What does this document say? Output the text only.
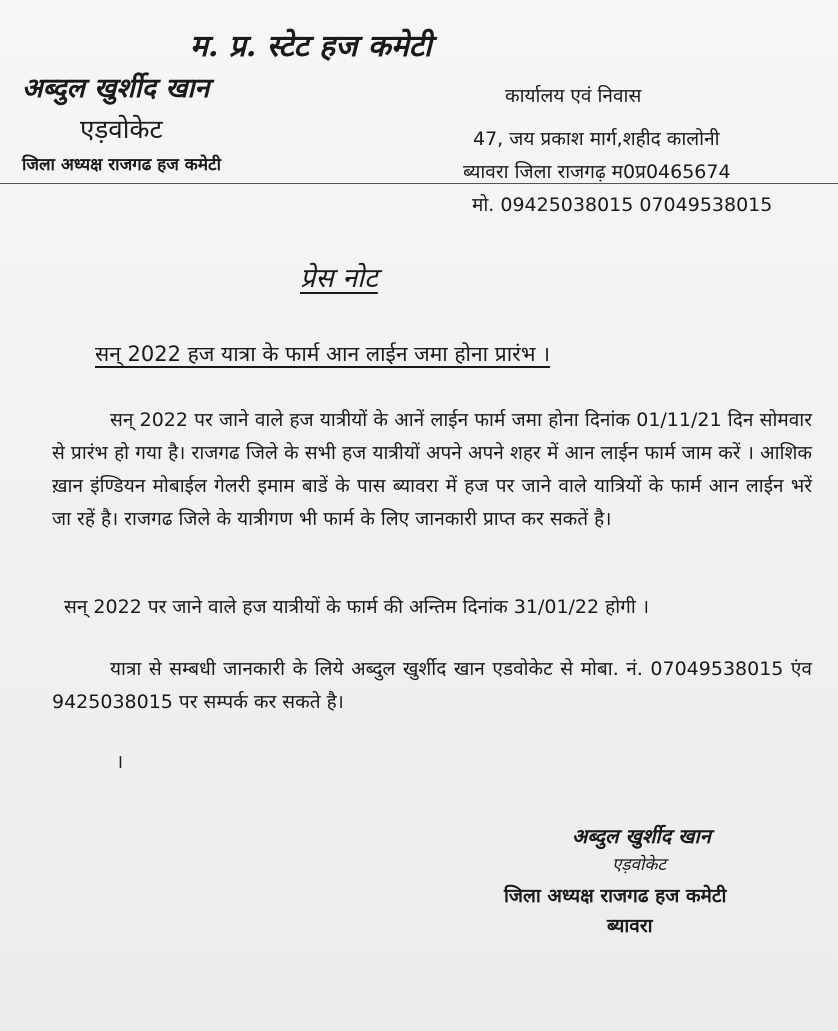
म. प्र. स्टेट हज कमेटी
अब्दुल खुर्शीद खान
एड़वोकेट
जिला अध्यक्ष राजगढ हज कमेटी
कार्यालय एवं निवास
47, जय प्रकाश मार्ग,शहीद कालोनी
ब्यावरा जिला राजगढ़ म0प्र0465674
मो. 09425038015 07049538015
प्रेस नोट
सन् 2022 हज यात्रा के फार्म आन लाईन जमा होना प्रारंभ ।
सन् 2022 पर जाने वाले हज यात्रीयों के आनें लाईन फार्म जमा होना दिनांक 01/11/21 दिन सोमवार से प्रारंभ हो गया है। राजगढ जिले के सभी हज यात्रीयों अपने अपने शहर में आन लाईन फार्म जाम करें । आशिक ख़ान इंण्डियन मोबाईल गेलरी इमाम बाडें के पास ब्यावरा में हज पर जाने वाले यात्रियों के फार्म आन लाईन भरें जा रहें है। राजगढ जिले के यात्रीगण भी फार्म के लिए जानकारी प्राप्त कर सकतें है।
सन् 2022 पर जाने वाले हज यात्रीयों के फार्म की अन्तिम दिनांक 31/01/22 होगी ।
यात्रा से सम्बधी जानकारी के लिये अब्दुल खुर्शीद खान एडवोकेट से मोबा. नं. 07049538015 एंव 9425038015 पर सम्पर्क कर सकते है।
।
अब्दुल खुर्शीद खान
एड़वोकेट
जिला अध्यक्ष राजगढ हज कमेटी
ब्यावरा
